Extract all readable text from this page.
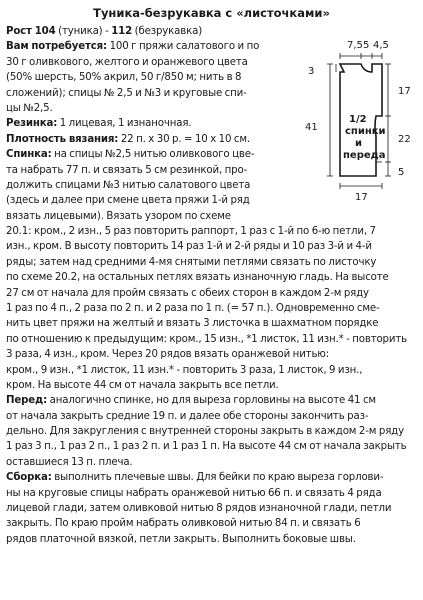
Туника-безрукавка с «листочками»
Рост 104 (туника) - 112 (безрукавка)
Вам потребуется: 100 г пряжи салатового и по
30 г оливкового, желтого и оранжевого цвета
(50% шерсть, 50% акрил, 50 г/850 м; нить в 8
сложений); спицы № 2,5 и №3 и круговые спи-
цы №2,5.
Резинка: 1 лицевая, 1 изнаночная.
Плотность вязания: 22 п. х 30 р. = 10 х 10 см.
Спинка: на спицы №2,5 нитью оливкового цве-
та набрать 77 п. и связать 5 см резинкой, про-
должить спицами №3 нитью салатового цвета
(здесь и далее при смене цвета пряжи 1-й ряд
вязать лицевыми). Вязать узором по схеме
20.1: кром., 2 изн., 5 раз повторить раппорт, 1 раз с 1-й по 6-ю петли, 7
изн., кром. В высоту повторить 14 раз 1-й и 2-й ряды и 10 раз 3-й и 4-й
ряды; затем над средними 4-мя снятыми петлями связать по листочку
по схеме 20.2, на остальных петлях вязать изнаночную гладь. На высоте
27 см от начала для пройм связать с обеих сторон в каждом 2-м ряду
1 раз по 4 п., 2 раза по 2 п. и 2 раза по 1 п. (= 57 п.). Одновременно сме-
нить цвет пряжи на желтый и вязать 3 листочка в шахматном порядке
по отношению к предыдущим: кром., 15 изн., *1 листок, 11 изн.* - повторить
3 раза, 4 изн., кром. Через 20 рядов вязать оранжевой нитью:
кром., 9 изн., *1 листок, 11 изн.* - повторить 3 раза, 1 листок, 9 изн.,
кром. На высоте 44 см от начала закрыть все петли.
Перед: аналогично спинке, но для выреза горловины на высоте 41 см
от начала закрыть средние 19 п. и далее обе стороны закончить раз-
дельно. Для закругления с внутренней стороны закрыть в каждом 2-м ряду
1 раз 3 п., 1 раз 2 п., 1 раз 2 п. и 1 раз 1 п. На высоте 44 см от начала закрыть
оставшиеся 13 п. плеча.
Сборка: выполнить плечевые швы. Для бейки по краю выреза горлови-
ны на круговые спицы набрать оранжевой нитью 66 п. и связать 4 ряда
лицевой глади, затем оливковой нитью 8 рядов изнаночной глади, петли
закрыть. По краю пройм набрать оливковой нитью 84 п. и связать 6
рядов платочной вязкой, петли закрыть. Выполнить боковые швы.
7,5 5 4,5
3
41
17
22
5
17
1/2
спинки
и
переда
